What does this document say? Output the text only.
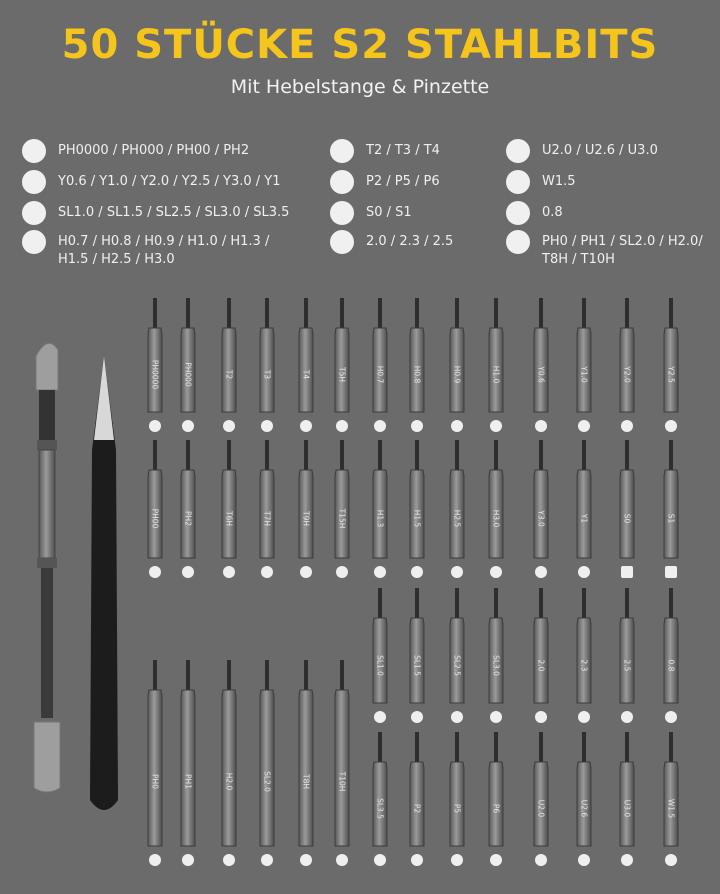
50 STÜCKE S2 STAHLBITS
Mit Hebelstange & Pinzette
PH0000 / PH000 / PH00 / PH2
Y0.6 / Y1.0 / Y2.0 / Y2.5 / Y3.0 / Y1
SL1.0 / SL1.5 / SL2.5 / SL3.0 / SL3.5
H0.7 / H0.8 / H0.9 / H1.0 / H1.3 / H1.5 / H2.5 / H3.0
T2 / T3 / T4
P2 / P5 / P6
S0 / S1
2.0 / 2.3 / 2.5
U2.0 / U2.6 / U3.0
W1.5
0.8
PH0 / PH1 / SL2.0 / H2.0/ T8H / T10H
PH0000	PH000	T2	T3	T4	T5H	H0.7	H0.8	H0.9	H1.0	Y0.6	Y1.0	Y2.0	Y2.5
PH00	PH2	T6H	T7H	T9H	T15H	H1.3	H1.5	H2.5	H3.0	Y3.0	Y1	S0	S1
SL1.0	SL1.5	SL2.5	SL3.0	2.0	2.3	2.5	0.8
PH0	PH1	H2.0	SL2.0	T8H	T10H
SL3.5	P2	P5	P6	U2.0	U2.6	U3.0	W1.5
